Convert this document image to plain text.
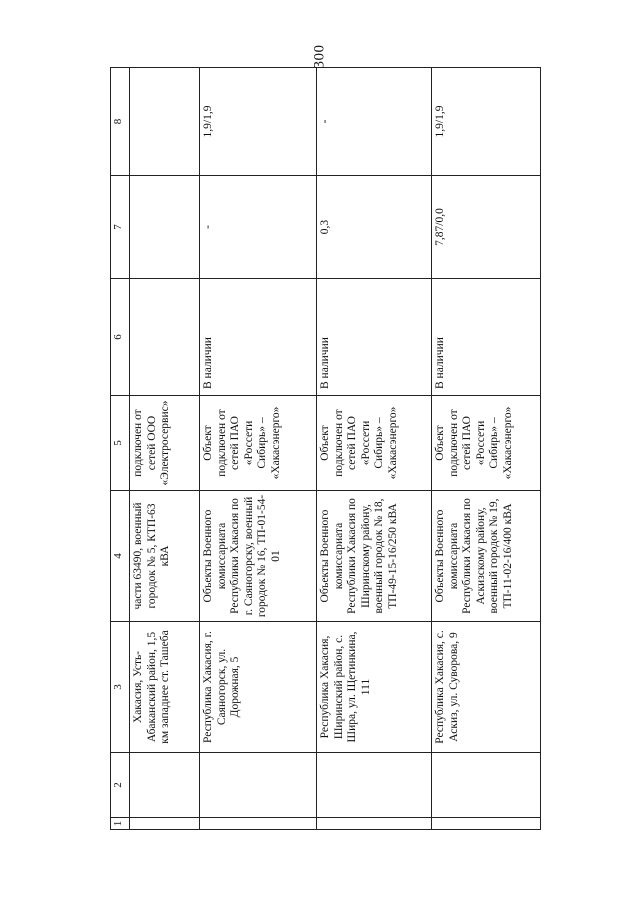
300
1	2	3	4	5	6	7	8
		Хакасия, Усть-Абаканский район, 1,5 км западнее ст. Ташеба	части 63490, военный городок № 5, КТП-63 кВА	подключен от сетей ООО «Электросервис»			
		Республика Хакасия, г. Саяногорск, ул. Дорожная, 5	Объекты Военного комиссариата Республики Хакасия по г. Саяногорску, военный городок № 16, ТП-01-54-01	Объект подключен от сетей ПАО «Россети Сибирь» – «Хакасэнерго»	В наличии	-	1,9/1,9
		Республика Хакасия, Ширинский район, с. Шира, ул. Щетинкина, 111	Объекты Военного комиссариата Республики Хакасия по Ширинскому району, военный городок № 18, ТП-49-15-16/250 кВА	Объект подключен от сетей ПАО «Россети Сибирь» – «Хакасэнерго»	В наличии	0,3	-
		Республика Хакасия, с. Аскиз, ул. Суворова, 9	Объекты Военного комиссариата Республики Хакасия по Аскизскому району, военный городок № 19, ТП-11-02-16/400 кВА	Объект подключен от сетей ПАО «Россети Сибирь» – «Хакасэнерго»	В наличии	7,87/0,0	1,9/1,9
